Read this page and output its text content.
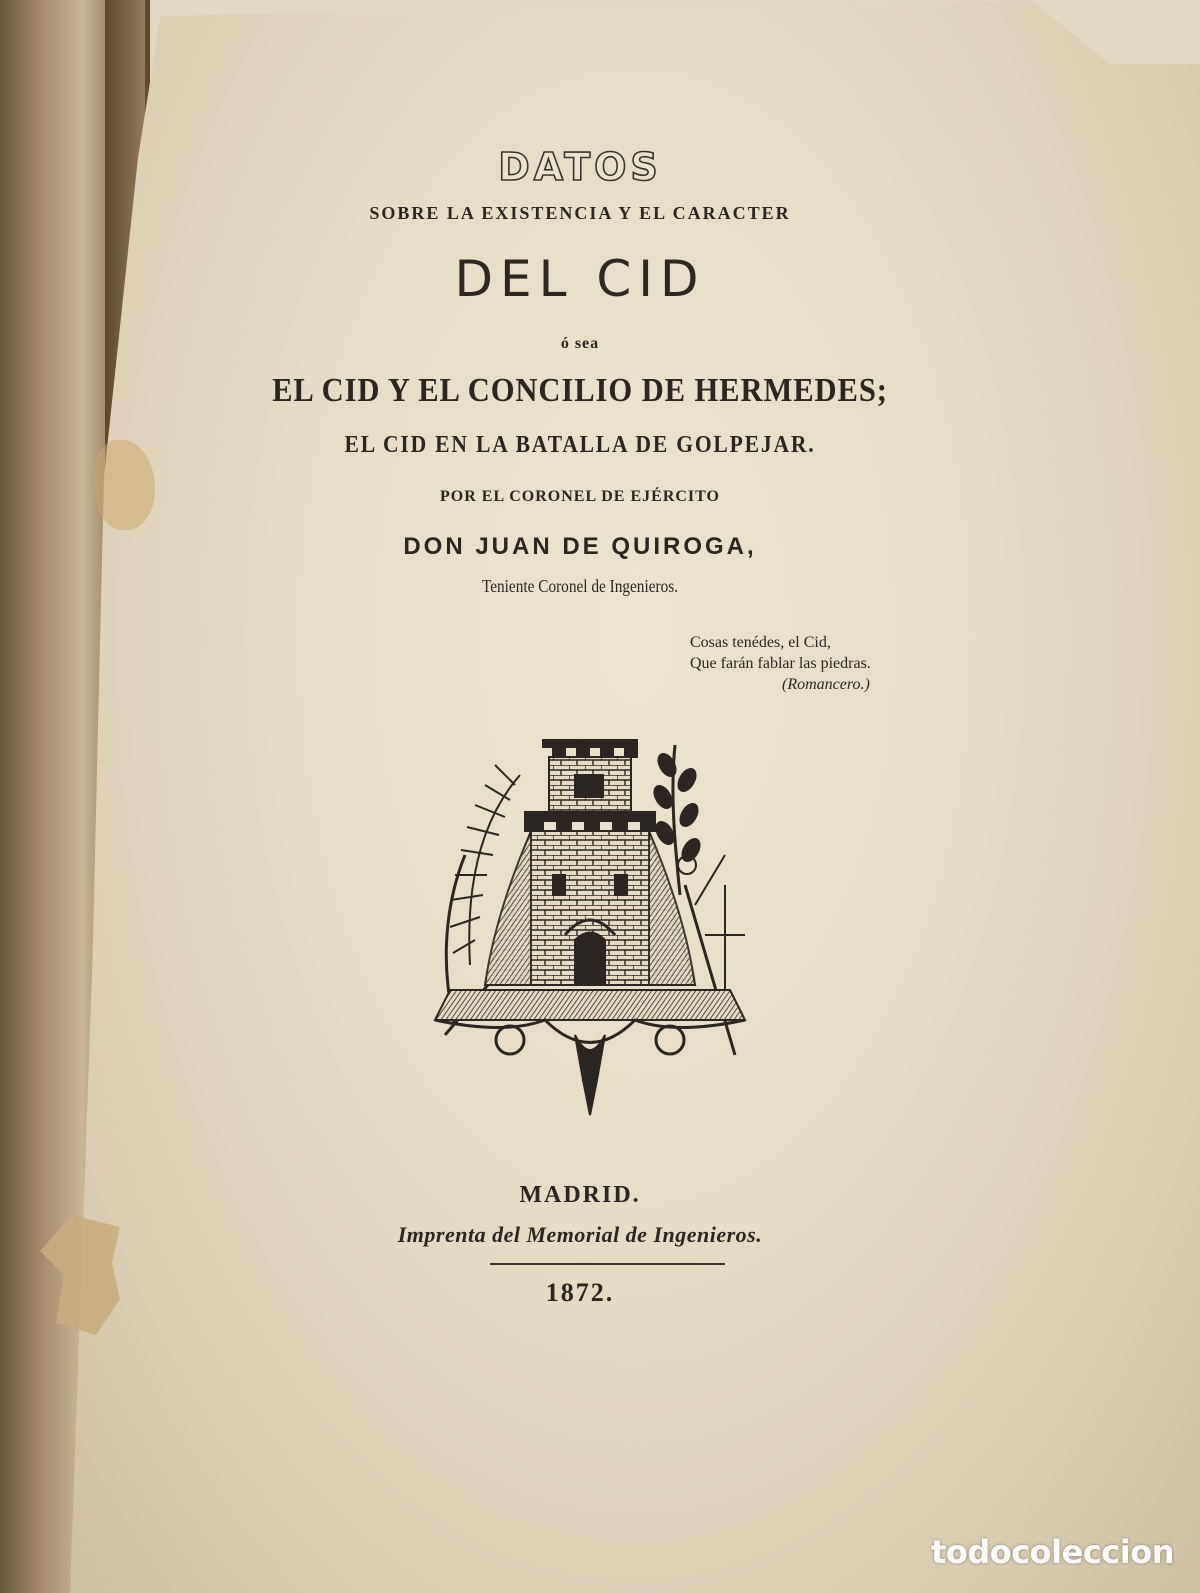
DATOS
SOBRE LA EXISTENCIA Y EL CARACTER
DEL CID
ó sea
EL CID Y EL CONCILIO DE HERMEDES;
EL CID EN LA BATALLA DE GOLPEJAR.
POR EL CORONEL DE EJÉRCITO
DON JUAN DE QUIROGA,
Teniente Coronel de Ingenieros.
Cosas tenédes, el Cid,
Que farán fablar las piedras.
(Romancero.)
MADRID.
Imprenta del Memorial de Ingenieros.
1872.
todocoleccion
